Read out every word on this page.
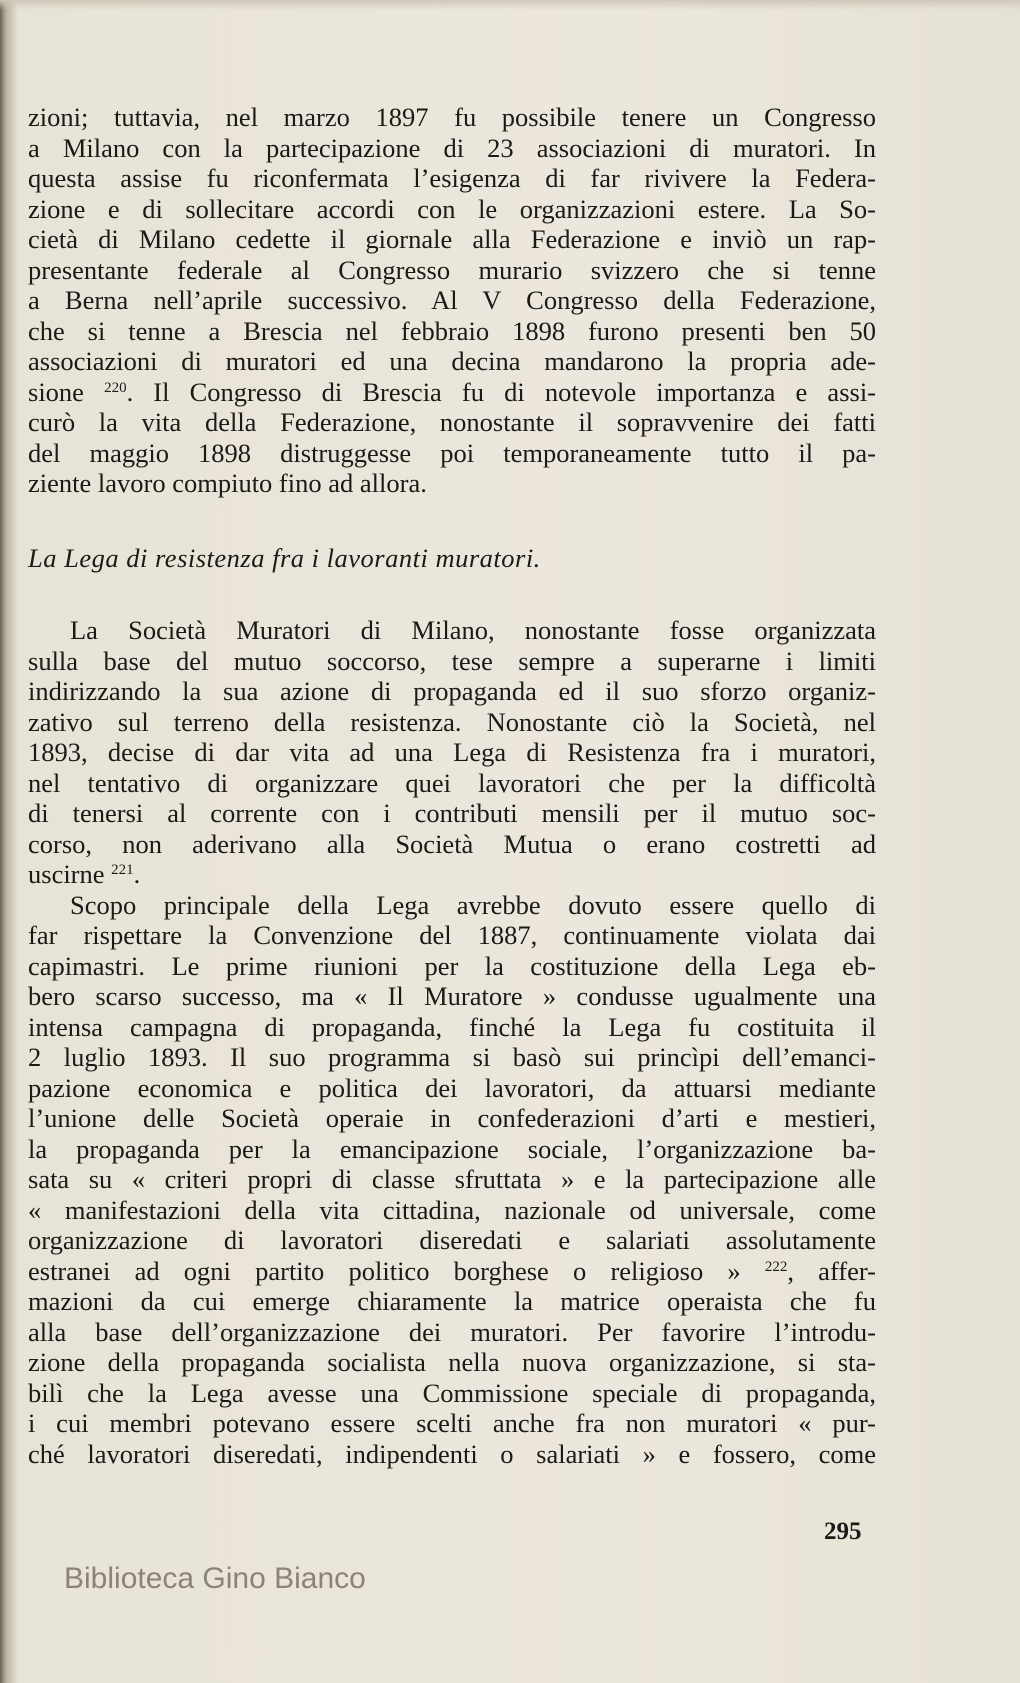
zioni; tuttavia, nel marzo 1897 fu possibile tenere un Congresso
a Milano con la partecipazione di 23 associazioni di muratori. In
questa assise fu riconfermata l’esigenza di far rivivere la Federa-
zione e di sollecitare accordi con le organizzazioni estere. La So-
cietà di Milano cedette il giornale alla Federazione e inviò un rap-
presentante federale al Congresso murario svizzero che si tenne
a Berna nell’aprile successivo. Al V Congresso della Federazione,
che si tenne a Brescia nel febbraio 1898 furono presenti ben 50
associazioni di muratori ed una decina mandarono la propria ade-
sione $^{220}$. Il Congresso di Brescia fu di notevole importanza e assi-
curò la vita della Federazione, nonostante il sopravvenire dei fatti
del maggio 1898 distruggesse poi temporaneamente tutto il pa-
ziente lavoro compiuto fino ad allora.

La Lega di resistenza fra i lavoranti muratori.

La Società Muratori di Milano, nonostante fosse organizzata
sulla base del mutuo soccorso, tese sempre a superarne i limiti
indirizzando la sua azione di propaganda ed il suo sforzo organiz-
zativo sul terreno della resistenza. Nonostante ciò la Società, nel
1893, decise di dar vita ad una Lega di Resistenza fra i muratori,
nel tentativo di organizzare quei lavoratori che per la difficoltà
di tenersi al corrente con i contributi mensili per il mutuo soc-
corso, non aderivano alla Società Mutua o erano costretti ad
uscirne $^{221}$.

Scopo principale della Lega avrebbe dovuto essere quello di
far rispettare la Convenzione del 1887, continuamente violata dai
capimastri. Le prime riunioni per la costituzione della Lega eb-
bero scarso successo, ma « Il Muratore » condusse ugualmente una
intensa campagna di propaganda, finché la Lega fu costituita il
2 luglio 1893. Il suo programma si basò sui princìpi dell’emanci-
pazione economica e politica dei lavoratori, da attuarsi mediante
l’unione delle Società operaie in confederazioni d’arti e mestieri,
la propaganda per la emancipazione sociale, l’organizzazione ba-
sata su « criteri propri di classe sfruttata » e la partecipazione alle
« manifestazioni della vita cittadina, nazionale od universale, come
organizzazione di lavoratori diseredati e salariati assolutamente
estranei ad ogni partito politico borghese o religioso » $^{222}$, affer-
mazioni da cui emerge chiaramente la matrice operaista che fu
alla base dell’organizzazione dei muratori. Per favorire l’introdu-
zione della propaganda socialista nella nuova organizzazione, si sta-
bilì che la Lega avesse una Commissione speciale di propaganda,
i cui membri potevano essere scelti anche fra non muratori « pur-
ché lavoratori diseredati, indipendenti o salariati » e fossero, come

295
Biblioteca Gino Bianco
